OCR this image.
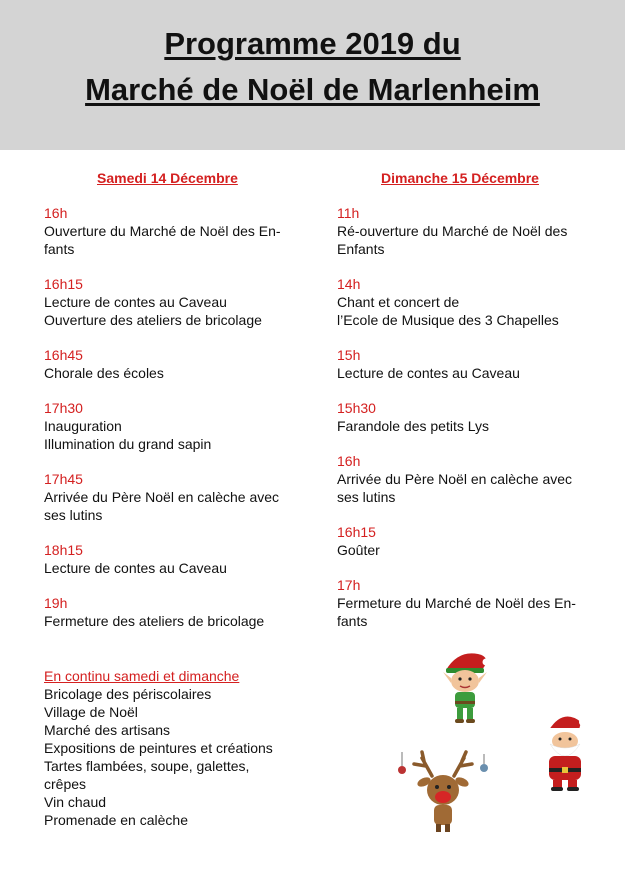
Programme 2019 du
Marché de Noël de Marlenheim
Samedi 14 Décembre
16h
Ouverture du Marché de Noël des En-
fants
16h15
Lecture de contes au Caveau
Ouverture des ateliers de bricolage
16h45
Chorale des écoles
17h30
Inauguration
Illumination du grand sapin
17h45
Arrivée du Père Noël en calèche avec
ses lutins
18h15
Lecture de contes au Caveau
19h
Fermeture des ateliers de bricolage
Dimanche 15 Décembre
11h
Ré-ouverture du Marché de Noël des
Enfants
14h
Chant et concert de
l’Ecole de Musique des 3 Chapelles
15h
Lecture de contes au Caveau
15h30
Farandole des petits Lys
16h
Arrivée du Père Noël en calèche avec
ses lutins
16h15
Goûter
17h
Fermeture du Marché de Noël des En-
fants
En continu samedi et dimanche
Bricolage des périscolaires
Village de Noël
Marché des artisans
Expositions de peintures et créations
Tartes flambées, soupe, galettes,
crêpes
Vin chaud
Promenade en calèche
